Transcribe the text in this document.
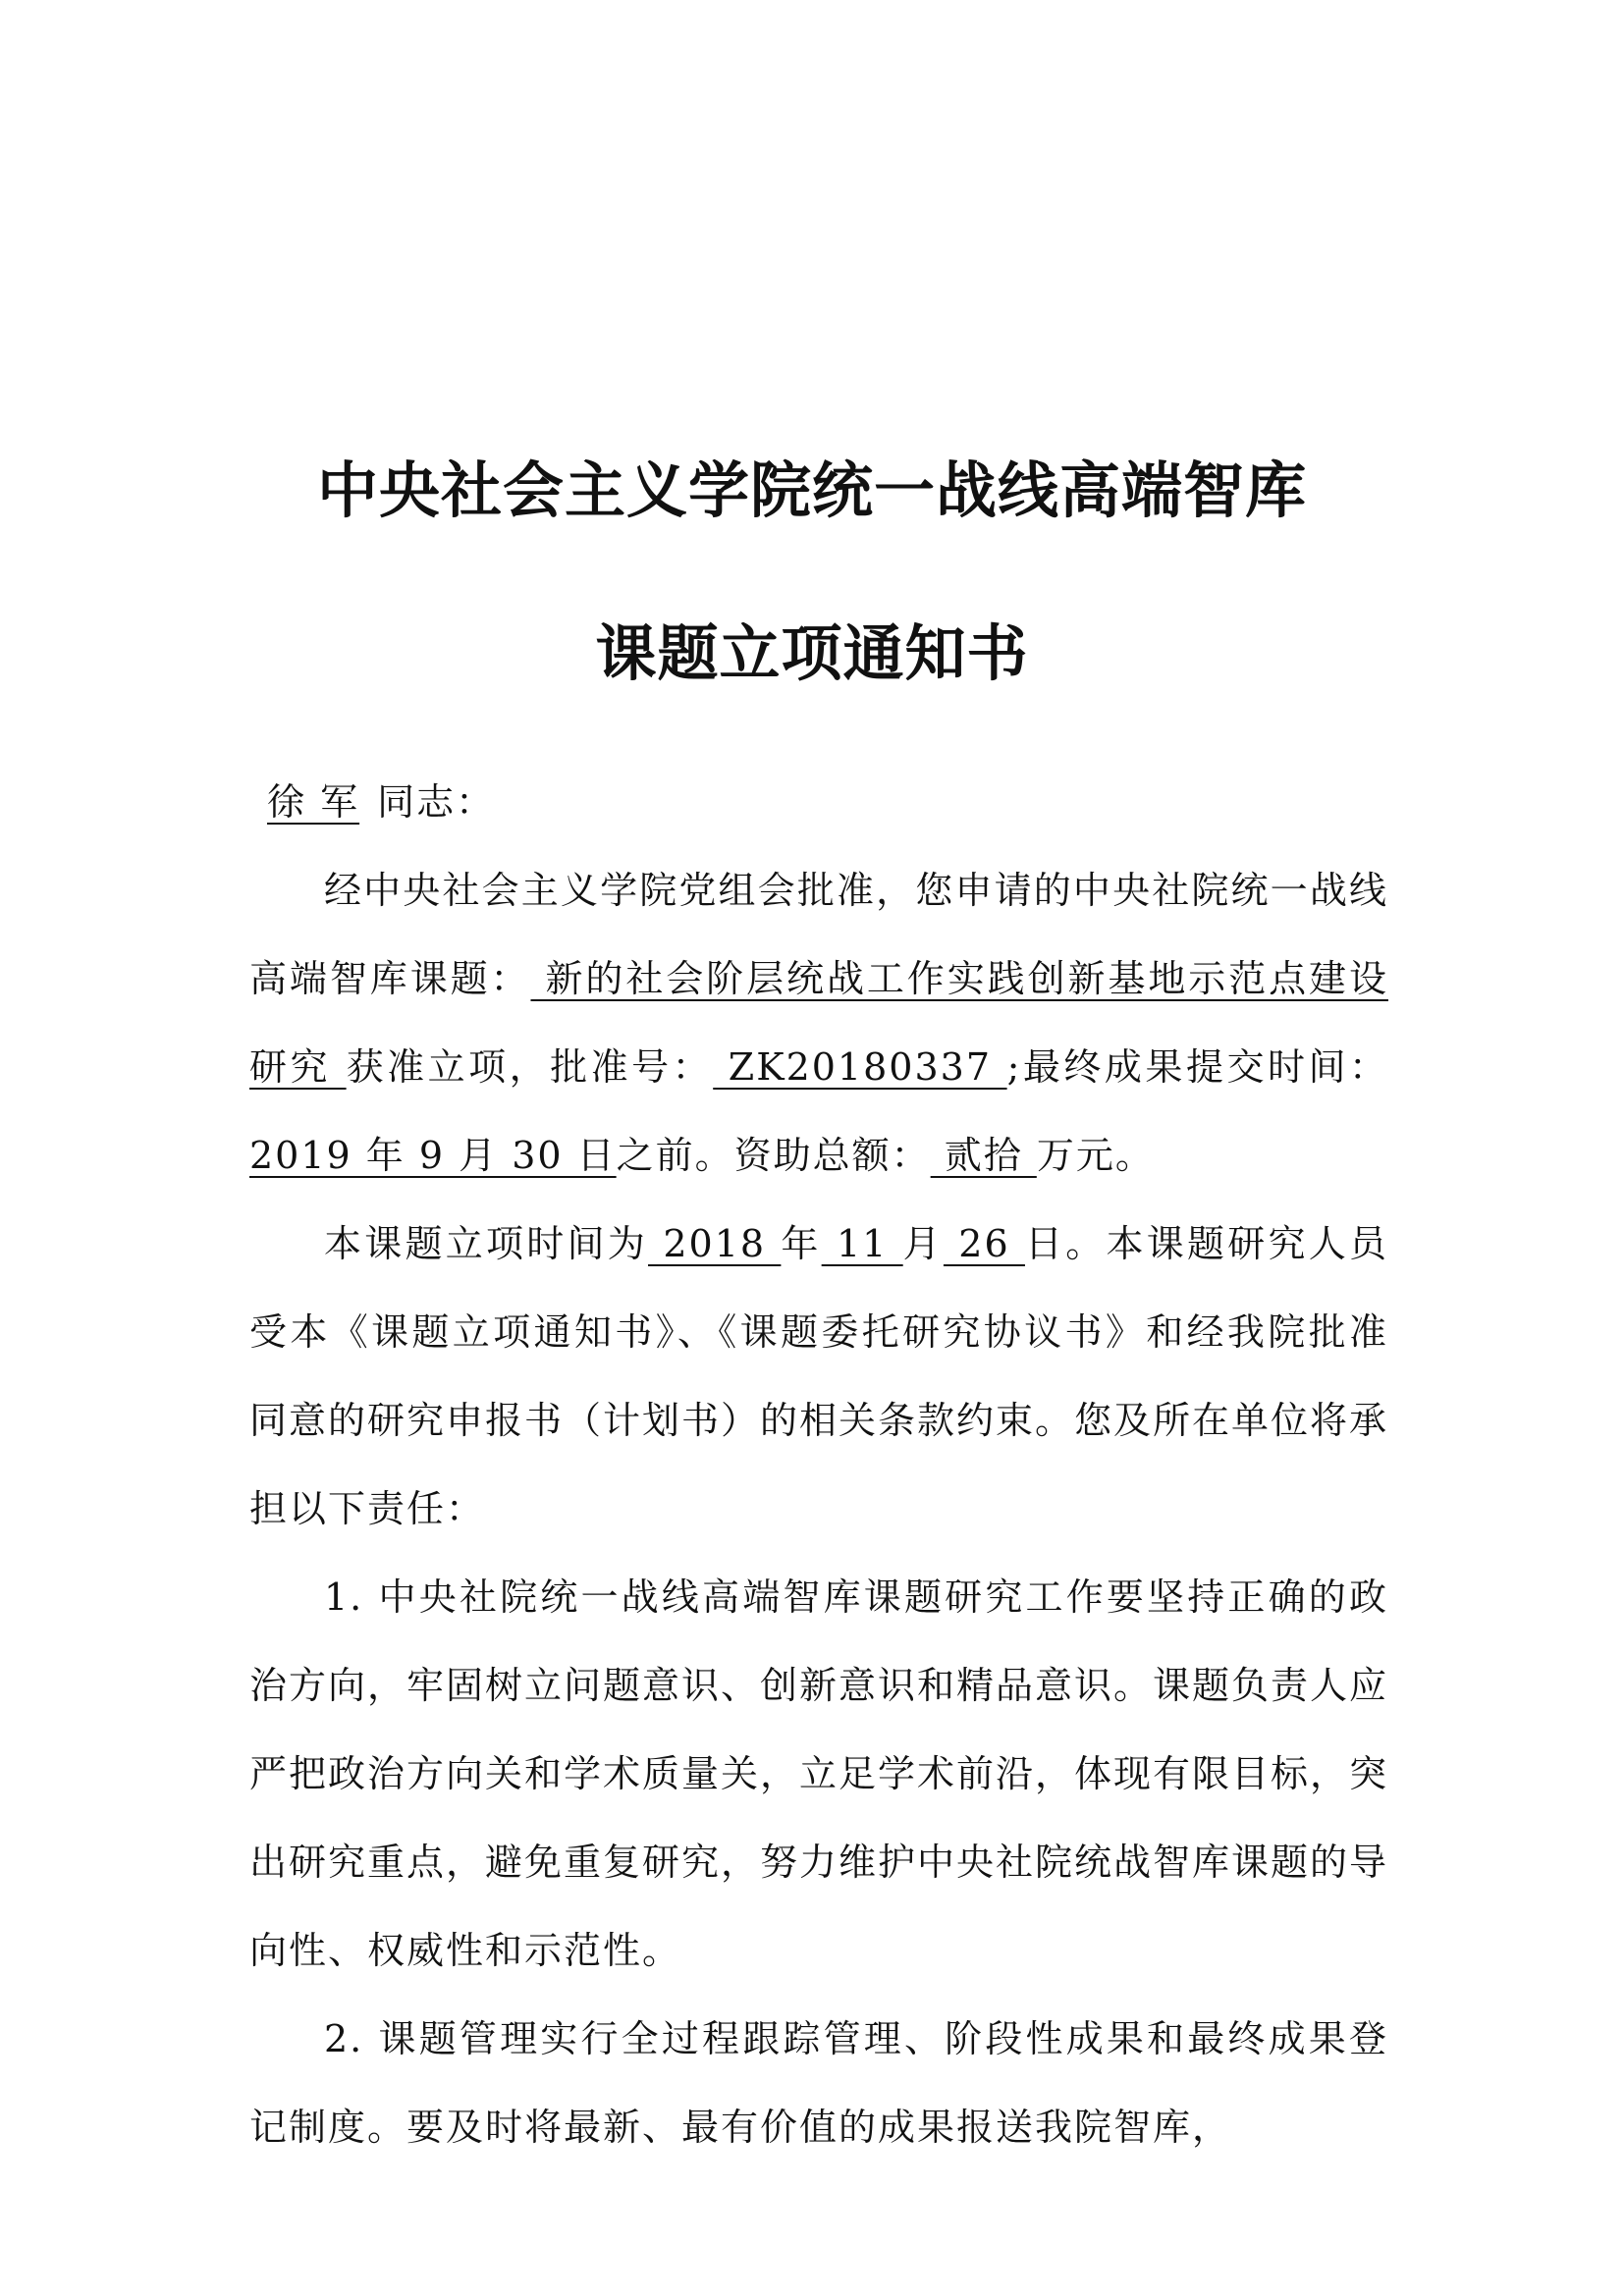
中央社会主义学院统一战线高端智库
课题立项通知书

徐 军 同志：

经中央社会主义学院党组会批准，您申请的中央社院统一战线高端智库课题： 新的社会阶层统战工作实践创新基地示范点建设研究 获准立项，批准号： ZK20180337 ;最终成果提交时间： 2019 年 9 月 30 日之前。资助总额： 贰拾 万元。

本课题立项时间为 2018 年 11 月 26 日。本课题研究人员受本《课题立项通知书》、《课题委托研究协议书》和经我院批准同意的研究申报书（计划书）的相关条款约束。您及所在单位将承担以下责任：

1. 中央社院统一战线高端智库课题研究工作要坚持正确的政治方向，牢固树立问题意识、创新意识和精品意识。课题负责人应严把政治方向关和学术质量关，立足学术前沿，体现有限目标，突出研究重点，避免重复研究，努力维护中央社院统战智库课题的导向性、权威性和示范性。

2. 课题管理实行全过程跟踪管理、阶段性成果和最终成果登记制度。要及时将最新、最有价值的成果报送我院智库，
